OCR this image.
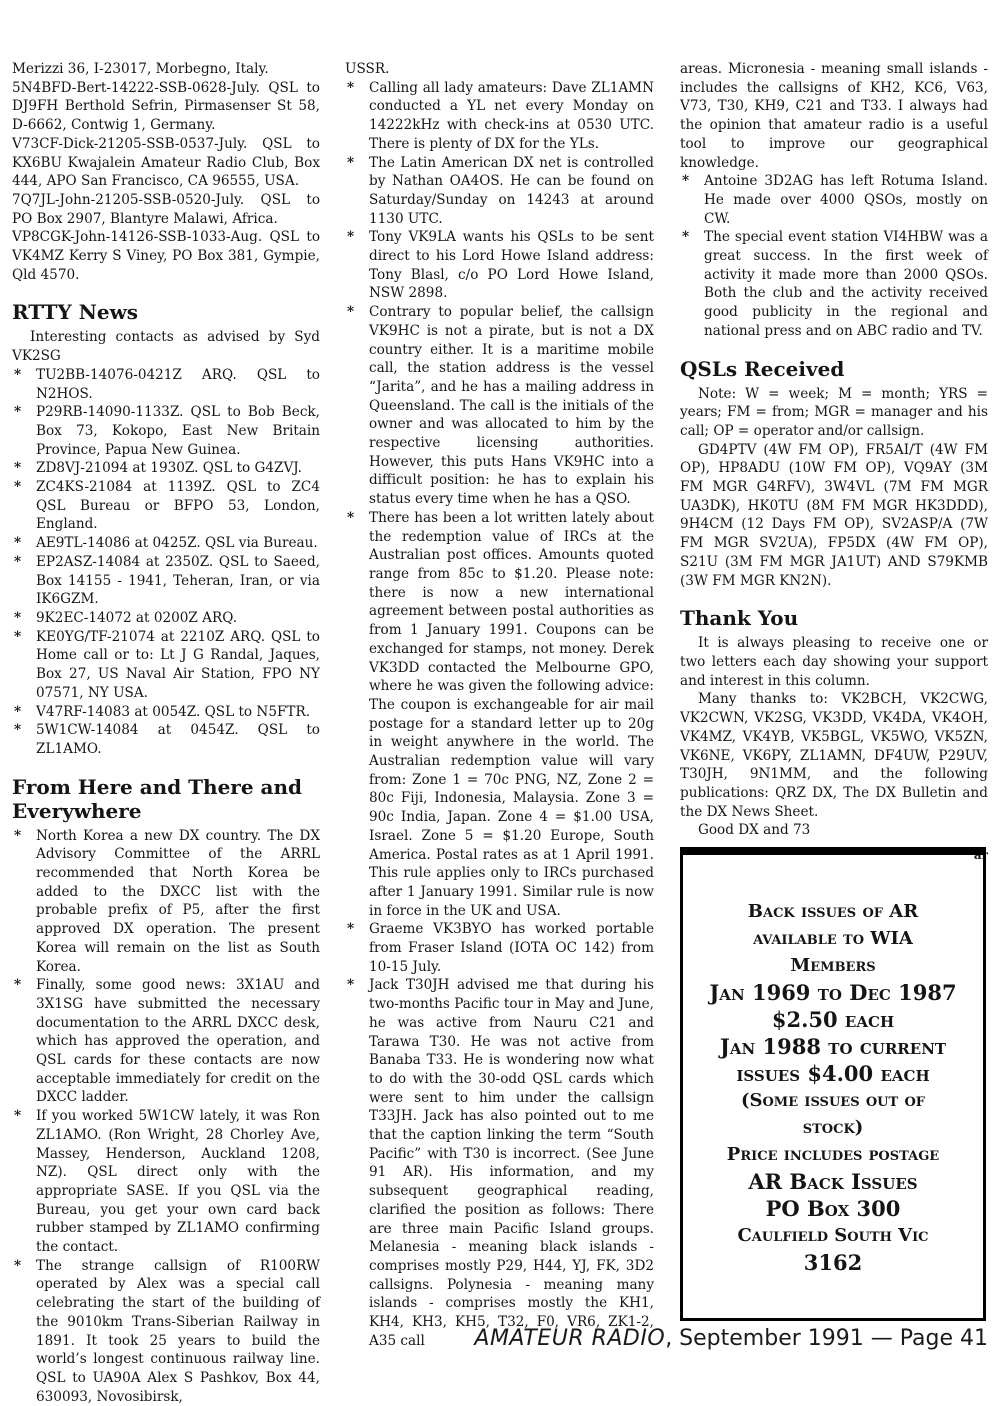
Merizzi 36, I-23017, Morbegno, Italy.

5N4BFD-Bert-14222-SSB-0628-July. QSL to DJ9FH Berthold Sefrin, Pirmasenser St 58, D-6662, Contwig 1, Germany.

V73CF-Dick-21205-SSB-0537-July. QSL to KX6BU Kwajalein Amateur Radio Club, Box 444, APO San Francisco, CA 96555, USA.

7Q7JL-John-21205-SSB-0520-July. QSL to PO Box 2907, Blantyre Malawi, Africa.

VP8CGK-John-14126-SSB-1033-Aug. QSL to VK4MZ Kerry S Viney, PO Box 381, Gympie, Qld 4570.

RTTY News

Interesting contacts as advised by Syd VK2SG

* TU2BB-14076-0421Z ARQ. QSL to N2HOS.
* P29RB-14090-1133Z. QSL to Bob Beck, Box 73, Kokopo, East New Britain Province, Papua New Guinea.
* ZD8VJ-21094 at 1930Z. QSL to G4ZVJ.
* ZC4KS-21084 at 1139Z. QSL to ZC4 QSL Bureau or BFPO 53, London, England.
* AE9TL-14086 at 0425Z. QSL via Bureau.
* EP2ASZ-14084 at 2350Z. QSL to Saeed, Box 14155 - 1941, Teheran, Iran, or via IK6GZM.
* 9K2EC-14072 at 0200Z ARQ.
* KE0YG/TF-21074 at 2210Z ARQ. QSL to Home call or to: Lt J G Randal, Jaques, Box 27, US Naval Air Station, FPO NY 07571, NY USA.
* V47RF-14083 at 0054Z. QSL to N5FTR.
* 5W1CW-14084 at 0454Z. QSL to ZL1AMO.
From Here and There and Everywhere
* North Korea a new DX country. The DX Advisory Committee of the ARRL recommended that North Korea be added to the DXCC list with the probable prefix of P5, after the first approved DX operation. The present Korea will remain on the list as South Korea.
* Finally, some good news: 3X1AU and 3X1SG have submitted the necessary documentation to the ARRL DXCC desk, which has approved the operation, and QSL cards for these contacts are now acceptable immediately for credit on the DXCC ladder.
* If you worked 5W1CW lately, it was Ron ZL1AMO. (Ron Wright, 28 Chorley Ave, Massey, Henderson, Auckland 1208, NZ). QSL direct only with the appropriate SASE. If you QSL via the Bureau, you get your own card back rubber stamped by ZL1AMO confirming the contact.
* The strange callsign of R100RW operated by Alex was a special call celebrating the start of the building of the 9010km Trans-Siberian Railway in 1891. It took 25 years to build the world’s longest continuous railway line. QSL to UA90A Alex S Pashkov, Box 44, 630093, Novosibirsk,

USSR.

* Calling all lady amateurs: Dave ZL1AMN conducted a YL net every Monday on 14222kHz with check-ins at 0530 UTC. There is plenty of DX for the YLs.
* The Latin American DX net is controlled by Nathan OA4OS. He can be found on Saturday/Sunday on 14243 at around 1130 UTC.
* Tony VK9LA wants his QSLs to be sent direct to his Lord Howe Island address: Tony Blasl, c/o PO Lord Howe Island, NSW 2898.
* Contrary to popular belief, the callsign VK9HC is not a pirate, but is not a DX country either. It is a maritime mobile call, the station address is the vessel “Jarita”, and he has a mailing address in Queensland. The call is the initials of the owner and was allocated to him by the respective licensing authorities. However, this puts Hans VK9HC into a difficult position: he has to explain his status every time when he has a QSO.
* There has been a lot written lately about the redemption value of IRCs at the Australian post offices. Amounts quoted range from 85c to $1.20. Please note: there is now a new international agreement between postal authorities as from 1 January 1991. Coupons can be exchanged for stamps, not money. Derek VK3DD contacted the Melbourne GPO, where he was given the following advice: The coupon is exchangeable for air mail postage for a standard letter up to 20g in weight anywhere in the world. The Australian redemption value will vary from: Zone 1 = 70c PNG, NZ, Zone 2 = 80c Fiji, Indonesia, Malaysia. Zone 3 = 90c India, Japan. Zone 4 = $1.00 USA, Israel. Zone 5 = $1.20 Europe, South America. Postal rates as at 1 April 1991. This rule applies only to IRCs purchased after 1 January 1991. Similar rule is now in force in the UK and USA.
* Graeme VK3BYO has worked portable from Fraser Island (IOTA OC 142) from 10-15 July.
* Jack T30JH advised me that during his two-months Pacific tour in May and June, he was active from Nauru C21 and Tarawa T30. He was not active from Banaba T33. He is wondering now what to do with the 30-odd QSL cards which were sent to him under the callsign T33JH. Jack has also pointed out to me that the caption linking the term “South Pacific” with T30 is incorrect. (See June 91 AR). His information, and my subsequent geographical reading, clarified the position as follows: There are three main Pacific Island groups. Melanesia - meaning black islands - comprises mostly P29, H44, YJ, FK, 3D2 callsigns. Polynesia - meaning many islands - comprises mostly the KH1, KH4, KH3, KH5, T32, F0, VR6, ZK1-2, A35 call

areas. Micronesia - meaning small islands - includes the callsigns of KH2, KC6, V63, V73, T30, KH9, C21 and T33. I always had the opinion that amateur radio is a useful tool to improve our geographical knowledge.

* Antoine 3D2AG has left Rotuma Island. He made over 4000 QSOs, mostly on CW.
* The special event station VI4HBW was a great success. In the first week of activity it made more than 2000 QSOs. Both the club and the activity received good publicity in the regional and national press and on ABC radio and TV.
QSLs Received

Note: W = week; M = month; YRS = years; FM = from; MGR = manager and his call; OP = operator and/or callsign.

GD4PTV (4W FM OP), FR5AI/T (4W FM OP), HP8ADU (10W FM OP), VQ9AY (3M FM MGR G4RFV), 3W4VL (7M FM MGR UA3DK), HK0TU (8M FM MGR HK3DDD), 9H4CM (12 Days FM OP), SV2ASP/A (7W FM MGR SV2UA), FP5DX (4W FM OP), S21U (3M FM MGR JA1UT) AND S79KMB (3W FM MGR KN2N).

Thank You

It is always pleasing to receive one or two letters each day showing your support and interest in this column.

Many thanks to: VK2BCH, VK2CWG, VK2CWN, VK2SG, VK3DD, VK4DA, VK4OH, VK4MZ, VK4YB, VK5BGL, VK5WO, VK5ZN, VK6NE, VK6PY, ZL1AMN, DF4UW, P29UV, T30JH, 9N1MM, and the following publications: QRZ DX, The DX Bulletin and the DX News Sheet.

Good DX and 73

ar

Back issues of AR
available to WIA
Members
Jan 1969 to Dec 1987
$2.50 each
Jan 1988 to current
issues $4.00 each
(Some issues out of
stock)
Price includes postage
AR Back Issues
PO Box 300
Caulfield South Vic
3162
AMATEUR RADIO, September 1991 — Page 41
